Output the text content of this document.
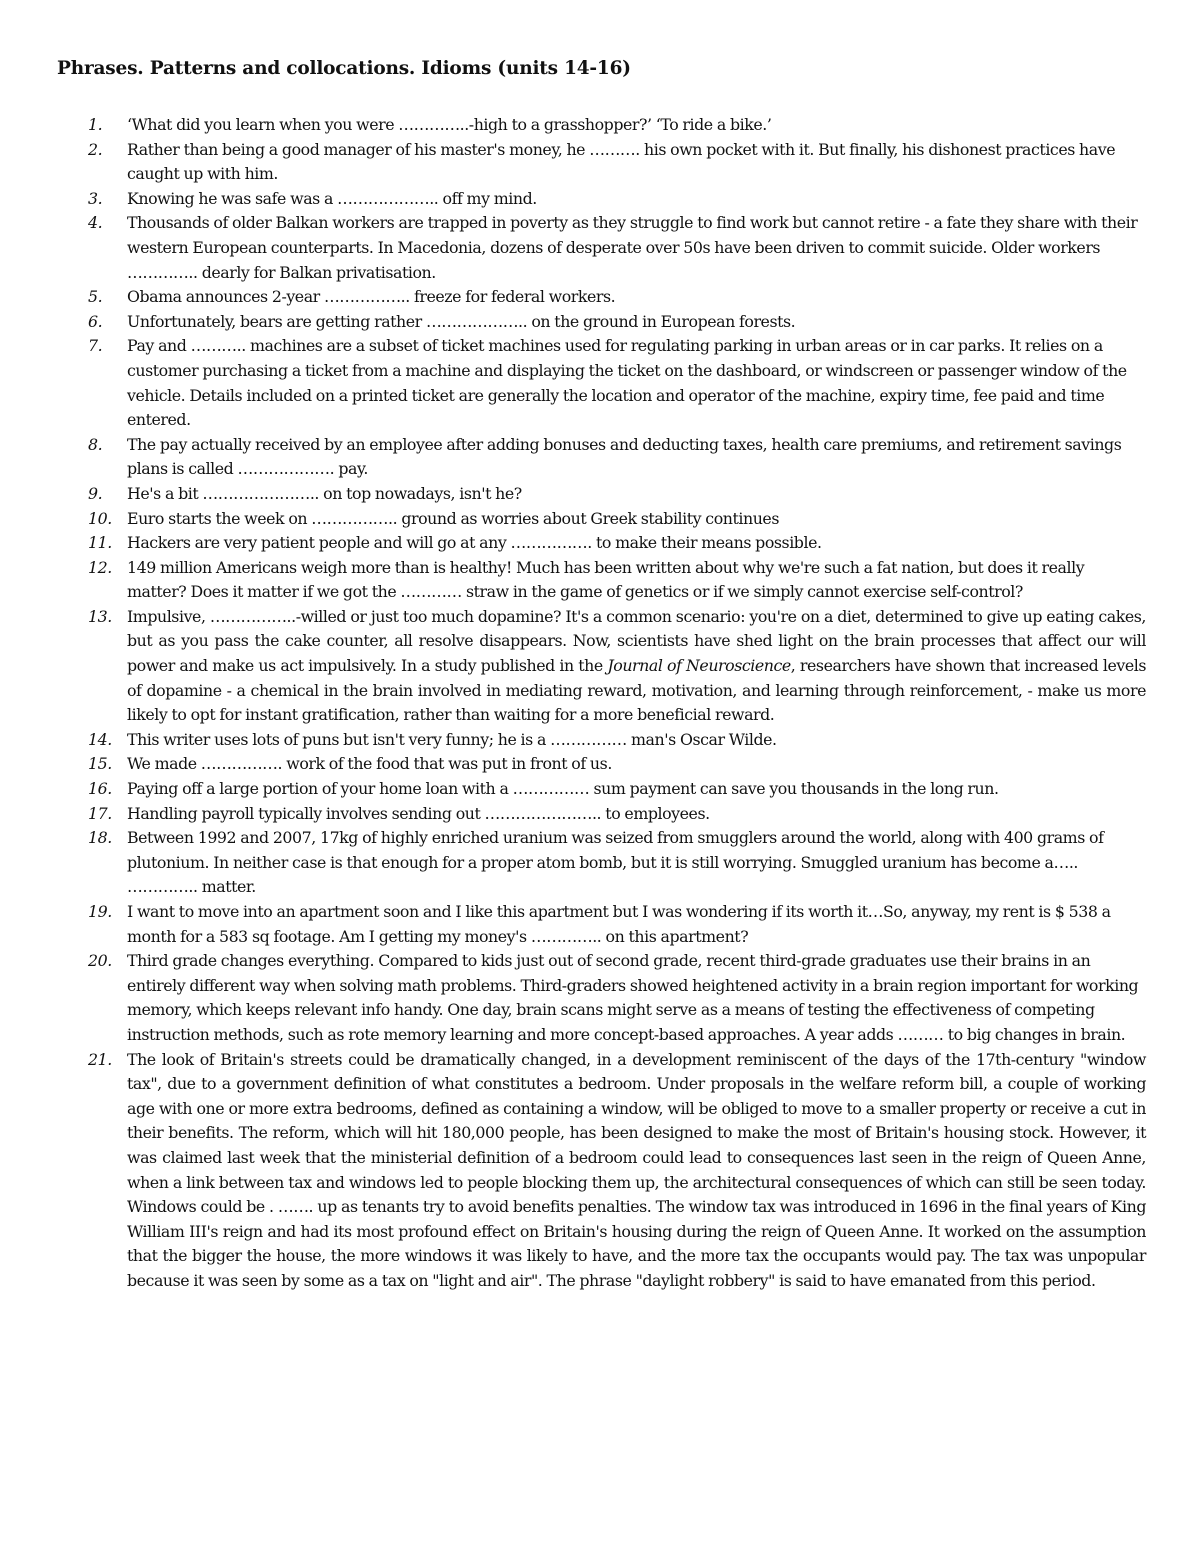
Phrases. Patterns and collocations. Idioms (units 14-16)
1. ‘What did you learn when you were …………..-high to a grasshopper?’ ‘To ride a bike.’
2. Rather than being a good manager of his master's money, he ………. his own pocket with it. But finally, his dishonest practices have caught up with him.
3. Knowing he was safe was a ……………….. off my mind.
4. Thousands of older Balkan workers are trapped in poverty as they struggle to find work but cannot retire - a fate they share with their western European counterparts. In Macedonia, dozens of desperate over 50s have been driven to commit suicide. Older workers ………….. dearly for Balkan privatisation.
5. Obama announces 2-year …………….. freeze for federal workers.
6. Unfortunately, bears are getting rather ……………….. on the ground in European forests.
7. Pay and ……….. machines are a subset of ticket machines used for regulating parking in urban areas or in car parks. It relies on a customer purchasing a ticket from a machine and displaying the ticket on the dashboard, or windscreen or passenger window of the vehicle. Details included on a printed ticket are generally the location and operator of the machine, expiry time, fee paid and time entered.
8. The pay actually received by an employee after adding bonuses and deducting taxes, health care premiums, and retirement savings plans is called ………………. pay.
9. He's a bit ………………….. on top nowadays, isn't he?
10. Euro starts the week on …………….. ground as worries about Greek stability continues
11. Hackers are very patient people and will go at any ……………. to make their means possible.
12. 149 million Americans weigh more than is healthy! Much has been written about why we're such a fat nation, but does it really matter? Does it matter if we got the ………… straw in the game of genetics or if we simply cannot exercise self-control?
13. Impulsive, ……………..-willed or just too much dopamine? It's a common scenario: you're on a diet, determined to give up eating cakes, but as you pass the cake counter, all resolve disappears. Now, scientists have shed light on the brain processes that affect our will power and make us act impulsively. In a study published in the Journal of Neuroscience, researchers have shown that increased levels of dopamine - a chemical in the brain involved in mediating reward, motivation, and learning through reinforcement, - make us more likely to opt for instant gratification, rather than waiting for a more beneficial reward.
14. This writer uses lots of puns but isn't very funny; he is a …………… man's Oscar Wilde.
15. We made ……………. work of the food that was put in front of us.
16. Paying off a large portion of your home loan with a …………… sum payment can save you thousands in the long run.
17. Handling payroll typically involves sending out ………………….. to employees.
18. Between 1992 and 2007, 17kg of highly enriched uranium was seized from smugglers around the world, along with 400 grams of plutonium. In neither case is that enough for a proper atom bomb, but it is still worrying. Smuggled uranium has become a….. ………….. matter.
19. I want to move into an apartment soon and I like this apartment but I was wondering if its worth it…So, anyway, my rent is $ 538 a month for a 583 sq footage. Am I getting my money's ………….. on this apartment?
20. Third grade changes everything. Compared to kids just out of second grade, recent third-grade graduates use their brains in an entirely different way when solving math problems. Third-graders showed heightened activity in a brain region important for working memory, which keeps relevant info handy. One day, brain scans might serve as a means of testing the effectiveness of competing instruction methods, such as rote memory learning and more concept-based approaches. A year adds ……… to big changes in brain.
21. The look of Britain's streets could be dramatically changed, in a development reminiscent of the days of the 17th-century "window tax", due to a government definition of what constitutes a bedroom. Under proposals in the welfare reform bill, a couple of working age with one or more extra bedrooms, defined as containing a window, will be obliged to move to a smaller property or receive a cut in their benefits. The reform, which will hit 180,000 people, has been designed to make the most of Britain's housing stock. However, it was claimed last week that the ministerial definition of a bedroom could lead to consequences last seen in the reign of Queen Anne, when a link between tax and windows led to people blocking them up, the architectural consequences of which can still be seen today. Windows could be . ……. up as tenants try to avoid benefits penalties. The window tax was introduced in 1696 in the final years of King William III's reign and had its most profound effect on Britain's housing during the reign of Queen Anne. It worked on the assumption that the bigger the house, the more windows it was likely to have, and the more tax the occupants would pay. The tax was unpopular because it was seen by some as a tax on "light and air". The phrase "daylight robbery" is said to have emanated from this period.
